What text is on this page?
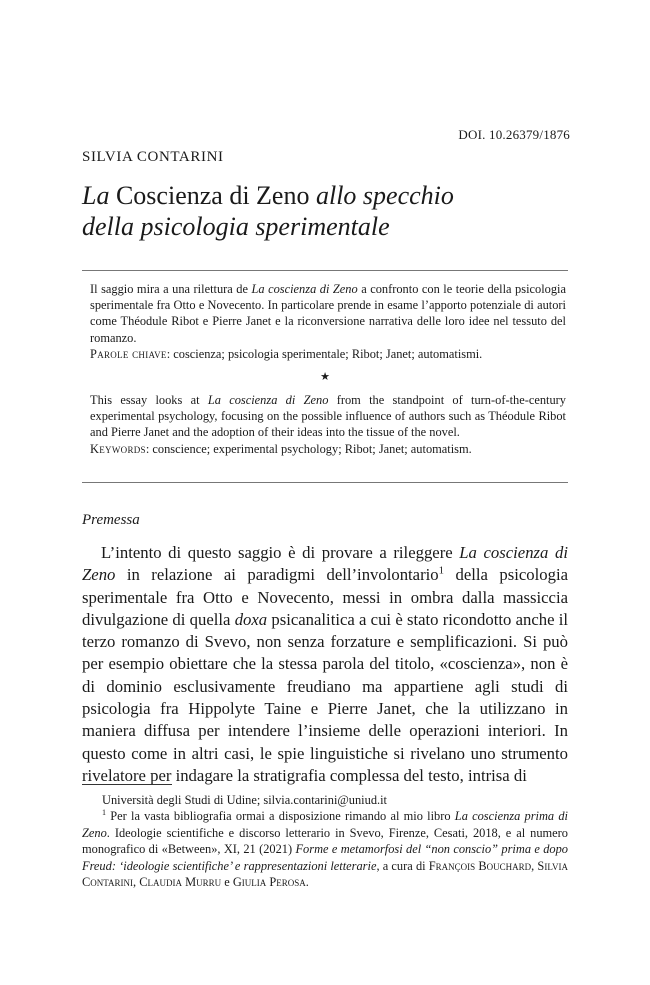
DOI. 10.26379/1876
SILVIA CONTARINI
La Coscienza di Zeno allo specchio
della psicologia sperimentale
Il saggio mira a una rilettura de La coscienza di Zeno a confronto con le teorie della psicologia sperimentale fra Otto e Novecento. In particolare prende in esame l’apporto potenziale di autori come Théodule Ribot e Pierre Janet e la riconversione narrativa delle loro idee nel tessuto del romanzo.
Parole chiave: coscienza; psicologia sperimentale; Ribot; Janet; automatismi.
★
This essay looks at La coscienza di Zeno from the standpoint of turn-of-the-century experimental psychology, focusing on the possible influence of authors such as Théodule Ribot and Pierre Janet and the adoption of their ideas into the tissue of the novel.
Keywords: conscience; experimental psychology; Ribot; Janet; automatism.
Premessa

L’intento di questo saggio è di provare a rileggere La coscienza di Zeno in relazione ai paradigmi dell’involontario$^1$ della psicologia sperimentale fra Otto e Novecento, messi in ombra dalla massiccia divulgazione di quella doxa psicanalitica a cui è stato ricondotto anche il terzo romanzo di Svevo, non senza forzature e semplificazioni. Si può per esempio obiettare che la stessa parola del titolo, «coscienza», non è di dominio esclusivamente freudiano ma appartiene agli studi di psicologia fra Hippolyte Taine e Pierre Janet, che la utilizzano in maniera diffusa per intendere l’insieme delle operazioni interiori. In questo come in altri casi, le spie linguistiche si rivelano uno strumento rivelatore per indagare la stratigrafia complessa del testo, intrisa di

Università degli Studi di Udine; silvia.contarini@uniud.it

$^1$ Per la vasta bibliografia ormai a disposizione rimando al mio libro La coscienza prima di Zeno. Ideologie scientifiche e discorso letterario in Svevo, Firenze, Cesati, 2018, e al numero monografico di «Between», XI, 21 (2021) Forme e metamorfosi del “non conscio” prima e dopo Freud: ‘ideologie scientifiche’ e rappresentazioni letterarie, a cura di François Bouchard, Silvia Contarini, Claudia Murru e Giulia Perosa.
